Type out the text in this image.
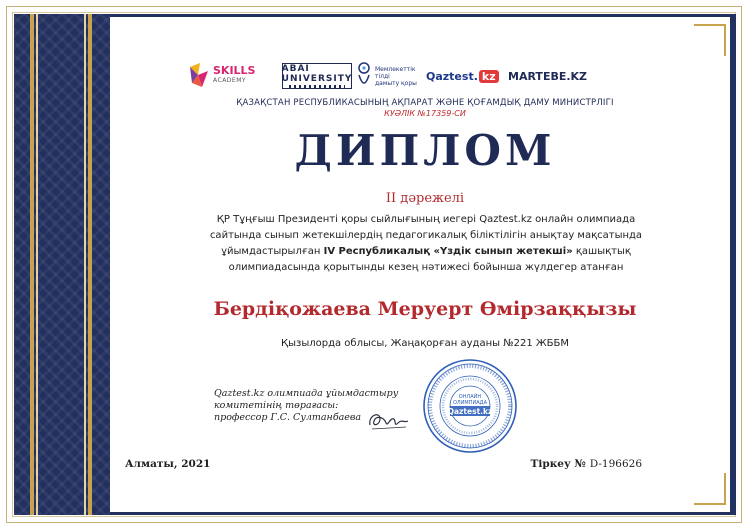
SKILLS
ACADEMY
ABAI UNIVERSITY
Мемлекеттік
тілді
дамыту қоры
Qaztest. kz MARTEBE.KZ
ҚАЗАҚСТАН РЕСПУБЛИКАСЫНЫҢ АҚПАРАТ ЖӘНЕ ҚОҒАМДЫҚ ДАМУ МИНИСТРЛІГІ
КУӘЛІК №17359-СИ
ДИПЛОМ
II дәрежелі
ҚР Тұңғыш Президенті қоры сыйлығының иегері Qaztest.kz онлайн олимпиада
сайтында сынып жетекшілердің педагогикалық біліктілігін анықтау мақсатында
ұйымдастырылған IV Республикалық «Үздік сынып жетекші» қашықтық
олимпиадасында қорытынды кезең нәтижесі бойынша жүлдегер атанған
Бердіқожаева Меруерт Өмірзаққызы
Қызылорда облысы, Жаңақорған ауданы №221 ЖББМ
Qaztest.kz олимпиада ұйымдастыру
комитетінің төрағасы:
профессор Г.С. Султанбаева
ОНЛАЙН
ОЛИМПИАДА
Qaztest.kz
Алматы, 2021	Тіркеу № D-196626
